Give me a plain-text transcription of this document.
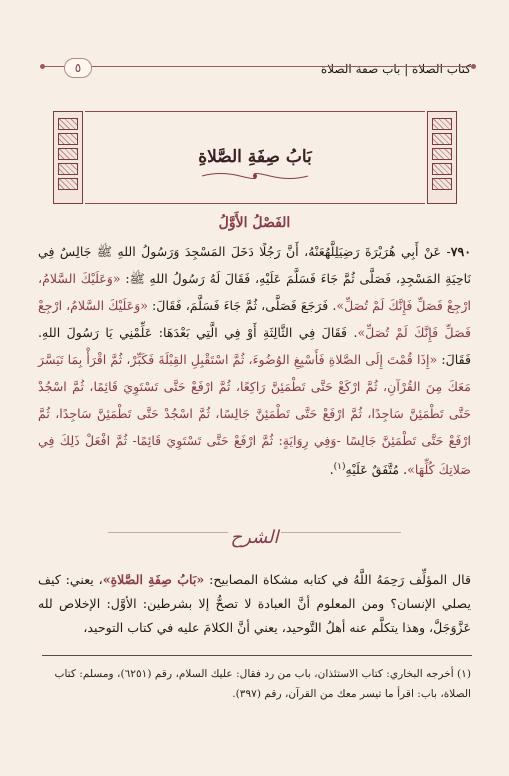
كتاب الصلاة | باب صفة الصلاة
٥
بَابُ صِفَةِ الصَّلاةِ
الفَصْلُ الأَوَّلُ
٧٩٠- عَنْ أَبِي هُرَيْرَةَ رَضِيَلِلَّهُعَنْهُ، أَنَّ رَجُلًا دَخَلَ المَسْجِدَ وَرَسُولُ اللهِ ﷺ جَالِسٌ فِي نَاحِيَةِ المَسْجِدِ، فَصَلَّى ثُمَّ جَاءَ فَسَلَّمَ عَلَيْهِ، فَقَالَ لَهُ رَسُولُ اللهِ ﷺ: «وَعَلَيْكَ السَّلامُ، ارْجِعْ فَصَلِّ فَإِنَّكَ لَمْ تُصَلِّ». فَرَجَعَ فَصَلَّى، ثُمَّ جَاءَ فَسَلَّمَ، فَقَالَ: «وَعَلَيْكَ السَّلامُ، ارْجِعْ فَصَلِّ فَإِنَّكَ لَمْ تُصَلِّ». فَقَالَ فِي الثَّالِثَةِ أَوْ فِي الَّتِي بَعْدَهَا: عَلِّمْنِي يَا رَسُولَ اللهِ. فَقَالَ: «إِذَا قُمْتَ إِلَى الصَّلاةِ فَأَسْبِغِ الوُضُوءَ، ثُمَّ اسْتَقْبِلِ القِبْلَةَ فَكَبِّرْ، ثُمَّ اقْرَأْ بِمَا تَيَسَّرَ مَعَكَ مِنَ القُرْآنِ، ثُمَّ ارْكَعْ حَتَّى تَطْمَئِنَّ رَاكِعًا، ثُمَّ ارْفَعْ حَتَّى تَسْتَوِيَ قَائِمًا، ثُمَّ اسْجُدْ حَتَّى تَطْمَئِنَّ سَاجِدًا، ثُمَّ ارْفَعْ حَتَّى تَطْمَئِنَّ جَالِسًا، ثُمَّ اسْجُدْ حَتَّى تَطْمَئِنَّ سَاجِدًا، ثُمَّ ارْفَعْ حَتَّى تَطْمَئِنَّ جَالِسًا -وَفِي رِوَايَةٍ: ثُمَّ ارْفَعْ حَتَّى تَسْتَوِيَ قَائِمًا- ثُمَّ افْعَلْ ذَلِكَ فِي صَلاتِكَ كُلِّهَا». مُتَّفَقٌ عَلَيْهِ$^{(١)}$.
الشرح
قال المؤلِّف رَحِمَهُ اللَّهُ في كتابه مشكاة المصابيح: «بَابُ صِفَةِ الصَّلاةِ»، يعني: كيف يصلي الإنسان؟ ومن المعلوم أنَّ العبادة لا تصحُّ إلا بشرطين: الأوَّل: الإخلاص لله عَزَّوَجَلَّ، وهذا يتكلَّم عنه أهلُ التَّوحيد، يعني أنَّ الكلامَ عليه في كتاب التوحيد،
(١) أخرجه البخاري: كتاب الاستئذان، باب من رد فقال: عليك السلام، رقم (٦٢٥١)، ومسلم: كتاب الصلاة، باب: اقرأ ما تيسر معك من القرآن، رقم (٣٩٧).
